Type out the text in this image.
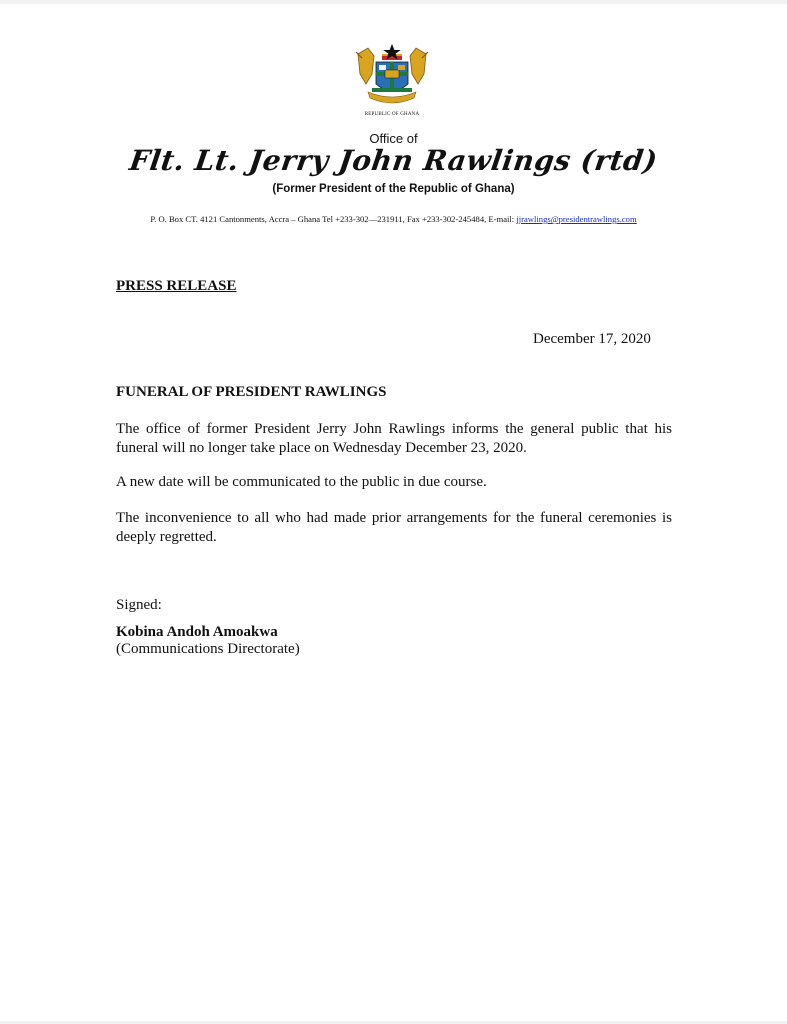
REPUBLIC OF GHANA
Office of
Flt. Lt. Jerry John Rawlings (rtd)
(Former President of the Republic of Ghana)
P. O. Box CT. 4121 Cantonments, Accra – Ghana Tel +233-302—231911, Fax +233-302-245484, E-mail: jjrawlings@presidentrawlings.com
PRESS RELEASE
December 17, 2020
FUNERAL OF PRESIDENT RAWLINGS
The office of former President Jerry John Rawlings informs the general public that his funeral will no longer take place on Wednesday December 23, 2020.
A new date will be communicated to the public in due course.
The inconvenience to all who had made prior arrangements for the funeral ceremonies is deeply regretted.
Signed:
Kobina Andoh Amoakwa
(Communications Directorate)
